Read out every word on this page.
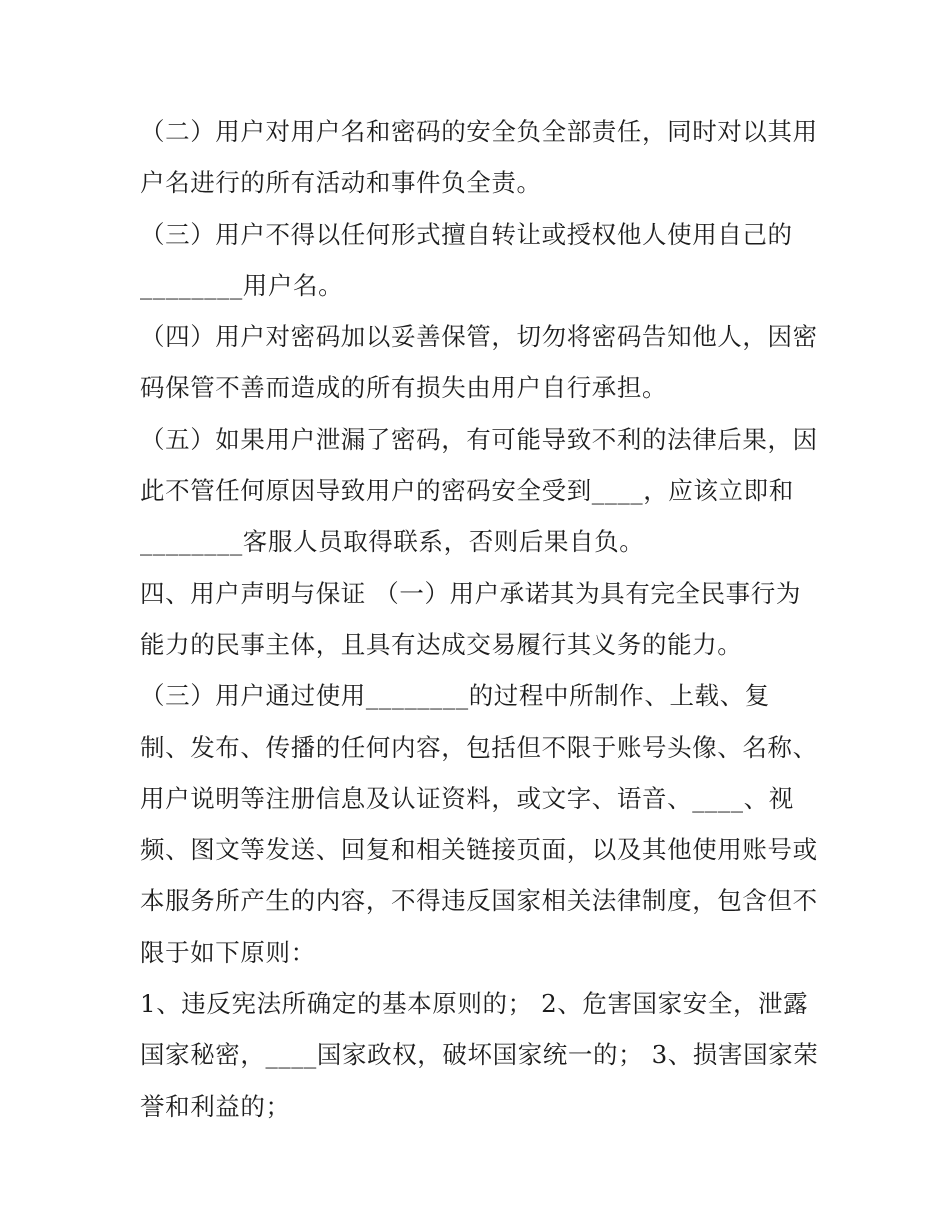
（二）用户对用户名和密码的安全负全部责任，同时对以其用
户名进行的所有活动和事件负全责。
（三）用户不得以任何形式擅自转让或授权他人使用自己的
________用户名。
（四）用户对密码加以妥善保管，切勿将密码告知他人，因密
码保管不善而造成的所有损失由用户自行承担。
（五）如果用户泄漏了密码，有可能导致不利的法律后果，因
此不管任何原因导致用户的密码安全受到____，应该立即和
________客服人员取得联系，否则后果自负。
四、用户声明与保证 （一）用户承诺其为具有完全民事行为
能力的民事主体，且具有达成交易履行其义务的能力。
（三）用户通过使用________的过程中所制作、上载、复
制、发布、传播的任何内容，包括但不限于账号头像、名称、
用户说明等注册信息及认证资料，或文字、语音、____、视
频、图文等发送、回复和相关链接页面，以及其他使用账号或
本服务所产生的内容，不得违反国家相关法律制度，包含但不
限于如下原则：
1、违反宪法所确定的基本原则的； 2、危害国家安全，泄露
国家秘密，____国家政权，破坏国家统一的； 3、损害国家荣
誉和利益的；
